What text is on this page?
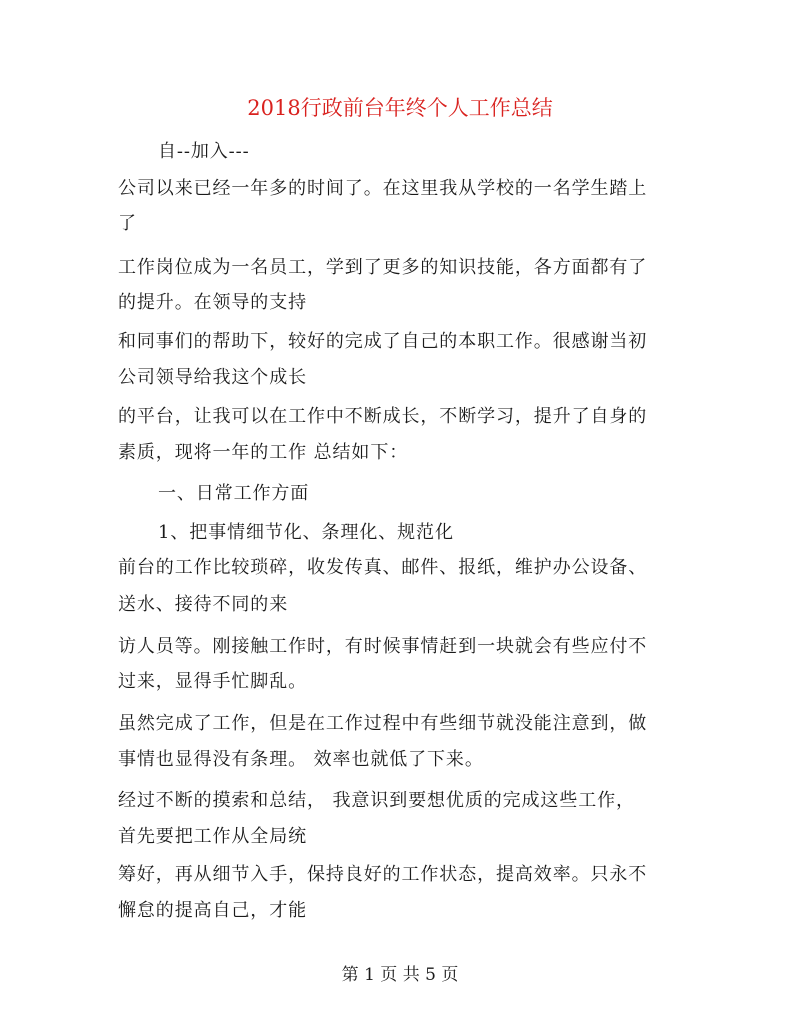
2018行政前台年终个人工作总结
自--加入---
公司以来已经一年多的时间了。在这里我从学校的一名学生踏上
了
工作岗位成为一名员工，学到了更多的知识技能，各方面都有了
的提升。在领导的支持
和同事们的帮助下，较好的完成了自己的本职工作。很感谢当初
公司领导给我这个成长
的平台，让我可以在工作中不断成长，不断学习，提升了自身的
素质，现将一年的工作 总结如下：
一、日常工作方面
1、把事情细节化、条理化、规范化
前台的工作比较琐碎，收发传真、邮件、报纸，维护办公设备、
送水、接待不同的来
访人员等。刚接触工作时，有时候事情赶到一块就会有些应付不
过来，显得手忙脚乱。
虽然完成了工作，但是在工作过程中有些细节就没能注意到，做
事情也显得没有条理。 效率也就低了下来。
经过不断的摸索和总结， 我意识到要想优质的完成这些工作，
首先要把工作从全局统
筹好，再从细节入手，保持良好的工作状态，提高效率。只永不
懈怠的提高自己，才能
第 1 页 共 5 页
